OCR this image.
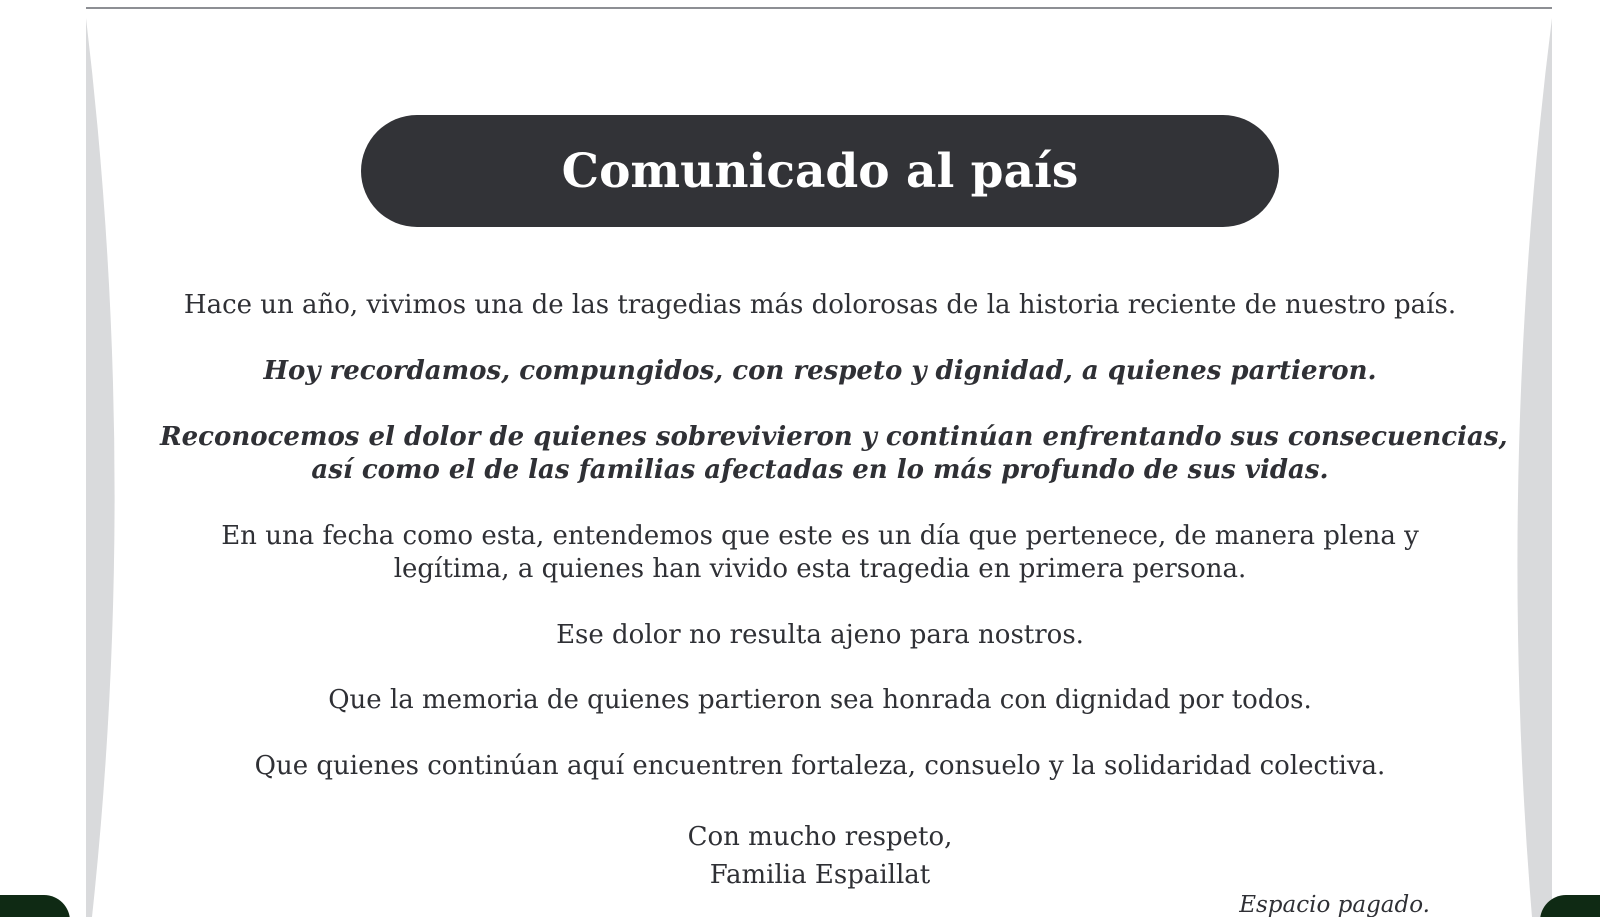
Comunicado al país

Hace un año, vivimos una de las tragedias más dolorosas de la historia reciente de nuestro país.

Hoy recordamos, compungidos, con respeto y dignidad, a quienes partieron.

Reconocemos el dolor de quienes sobrevivieron y continúan enfrentando sus consecuencias,
así como el de las familias afectadas en lo más profundo de sus vidas.

En una fecha como esta, entendemos que este es un día que pertenece, de manera plena y
legítima, a quienes han vivido esta tragedia en primera persona.

Ese dolor no resulta ajeno para nostros.

Que la memoria de quienes partieron sea honrada con dignidad por todos.

Que quienes continúan aquí encuentren fortaleza, consuelo y la solidaridad colectiva.

Con mucho respeto,
Familia Espaillat

Espacio pagado.
